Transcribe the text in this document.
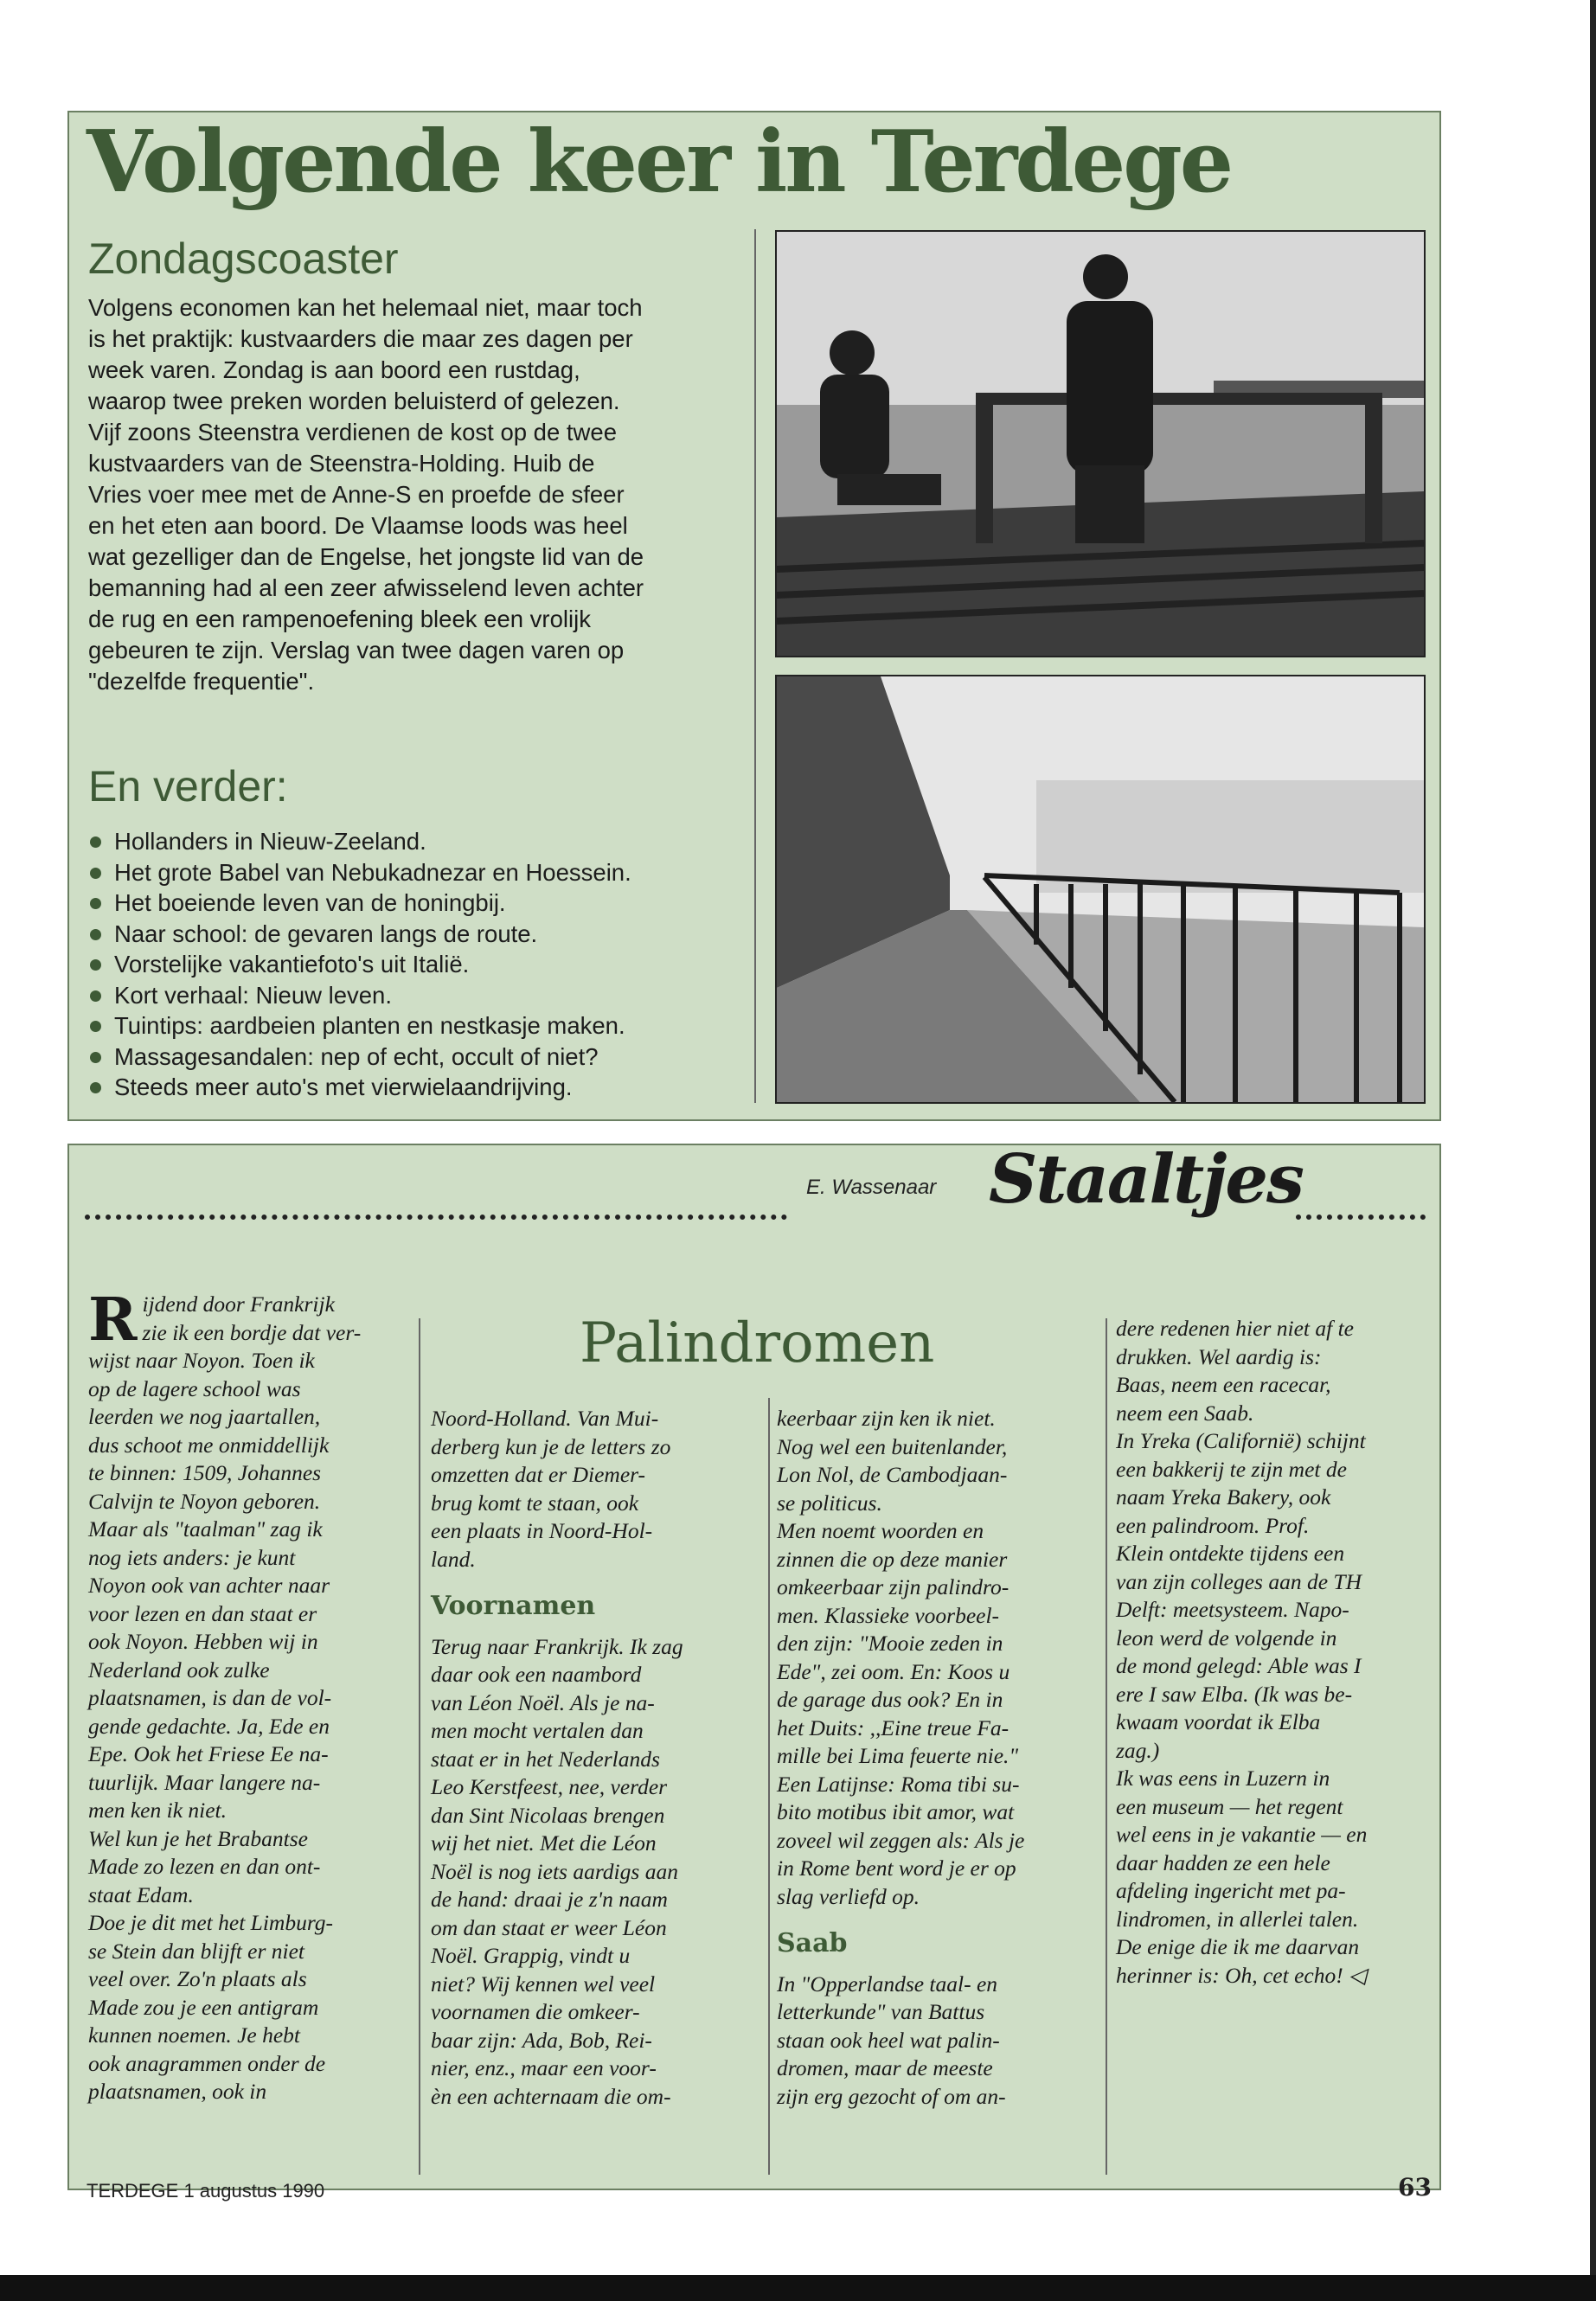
Volgende keer in Terdege
Zondagscoaster
Volgens economen kan het helemaal niet, maar toch
is het praktijk: kustvaarders die maar zes dagen per
week varen. Zondag is aan boord een rustdag,
waarop twee preken worden beluisterd of gelezen.
Vijf zoons Steenstra verdienen de kost op de twee
kustvaarders van de Steenstra-Holding. Huib de
Vries voer mee met de Anne-S en proefde de sfeer
en het eten aan boord. De Vlaamse loods was heel
wat gezelliger dan de Engelse, het jongste lid van de
bemanning had al een zeer afwisselend leven achter
de rug en een rampenoefening bleek een vrolijk
gebeuren te zijn. Verslag van twee dagen varen op
"dezelfde frequentie".
En verder:
Hollanders in Nieuw-Zeeland.
Het grote Babel van Nebukadnezar en Hoessein.
Het boeiende leven van de honingbij.
Naar school: de gevaren langs de route.
Vorstelijke vakantiefoto's uit Italië.
Kort verhaal: Nieuw leven.
Tuintips: aardbeien planten en nestkasje maken.
Massagesandalen: nep of echt, occult of niet?
Steeds meer auto's met vierwielaandrijving.
E. Wassenaar Staaltjes
Palindromen
R ijdend door Frankrijk
zie ik een bordje dat ver-
wijst naar Noyon. Toen ik
op de lagere school was
leerden we nog jaartallen,
dus schoot me onmiddellijk
te binnen: 1509, Johannes
Calvijn te Noyon geboren.
Maar als "taalman" zag ik
nog iets anders: je kunt
Noyon ook van achter naar
voor lezen en dan staat er
ook Noyon. Hebben wij in
Nederland ook zulke
plaatsnamen, is dan de vol-
gende gedachte. Ja, Ede en
Epe. Ook het Friese Ee na-
tuurlijk. Maar langere na-
men ken ik niet.
Wel kun je het Brabantse
Made zo lezen en dan ont-
staat Edam.
Doe je dit met het Limburg-
se Stein dan blijft er niet
veel over. Zo'n plaats als
Made zou je een antigram
kunnen noemen. Je hebt
ook anagrammen onder de
plaatsnamen, ook in
Noord-Holland. Van Mui-
derberg kun je de letters zo
omzetten dat er Diemer-
brug komt te staan, ook
een plaats in Noord-Hol-
land.
Voornamen
Terug naar Frankrijk. Ik zag
daar ook een naambord
van Léon Noël. Als je na-
men mocht vertalen dan
staat er in het Nederlands
Leo Kerstfeest, nee, verder
dan Sint Nicolaas brengen
wij het niet. Met die Léon
Noël is nog iets aardigs aan
de hand: draai je z'n naam
om dan staat er weer Léon
Noël. Grappig, vindt u
niet? Wij kennen wel veel
voornamen die omkeer-
baar zijn: Ada, Bob, Rei-
nier, enz., maar een voor-
èn een achternaam die om-
keerbaar zijn ken ik niet.
Nog wel een buitenlander,
Lon Nol, de Cambodjaan-
se politicus.
Men noemt woorden en
zinnen die op deze manier
omkeerbaar zijn palindro-
men. Klassieke voorbeel-
den zijn: "Mooie zeden in
Ede", zei oom. En: Koos u
de garage dus ook? En in
het Duits: ,,Eine treue Fa-
mille bei Lima feuerte nie."
Een Latijnse: Roma tibi su-
bito motibus ibit amor, wat
zoveel wil zeggen als: Als je
in Rome bent word je er op
slag verliefd op.
Saab
In "Opperlandse taal- en
letterkunde" van Battus
staan ook heel wat palin-
dromen, maar de meeste
zijn erg gezocht of om an-
dere redenen hier niet af te
drukken. Wel aardig is:
Baas, neem een racecar,
neem een Saab.
In Yreka (Californië) schijnt
een bakkerij te zijn met de
naam Yreka Bakery, ook
een palindroom. Prof.
Klein ontdekte tijdens een
van zijn colleges aan de TH
Delft: meetsysteem. Napo-
leon werd de volgende in
de mond gelegd: Able was I
ere I saw Elba. (Ik was be-
kwaam voordat ik Elba
zag.)
Ik was eens in Luzern in
een museum — het regent
wel eens in je vakantie — en
daar hadden ze een hele
afdeling ingericht met pa-
lindromen, in allerlei talen.
De enige die ik me daarvan
herinner is: Oh, cet echo! ◁
TERDEGE 1 augustus 1990	63
